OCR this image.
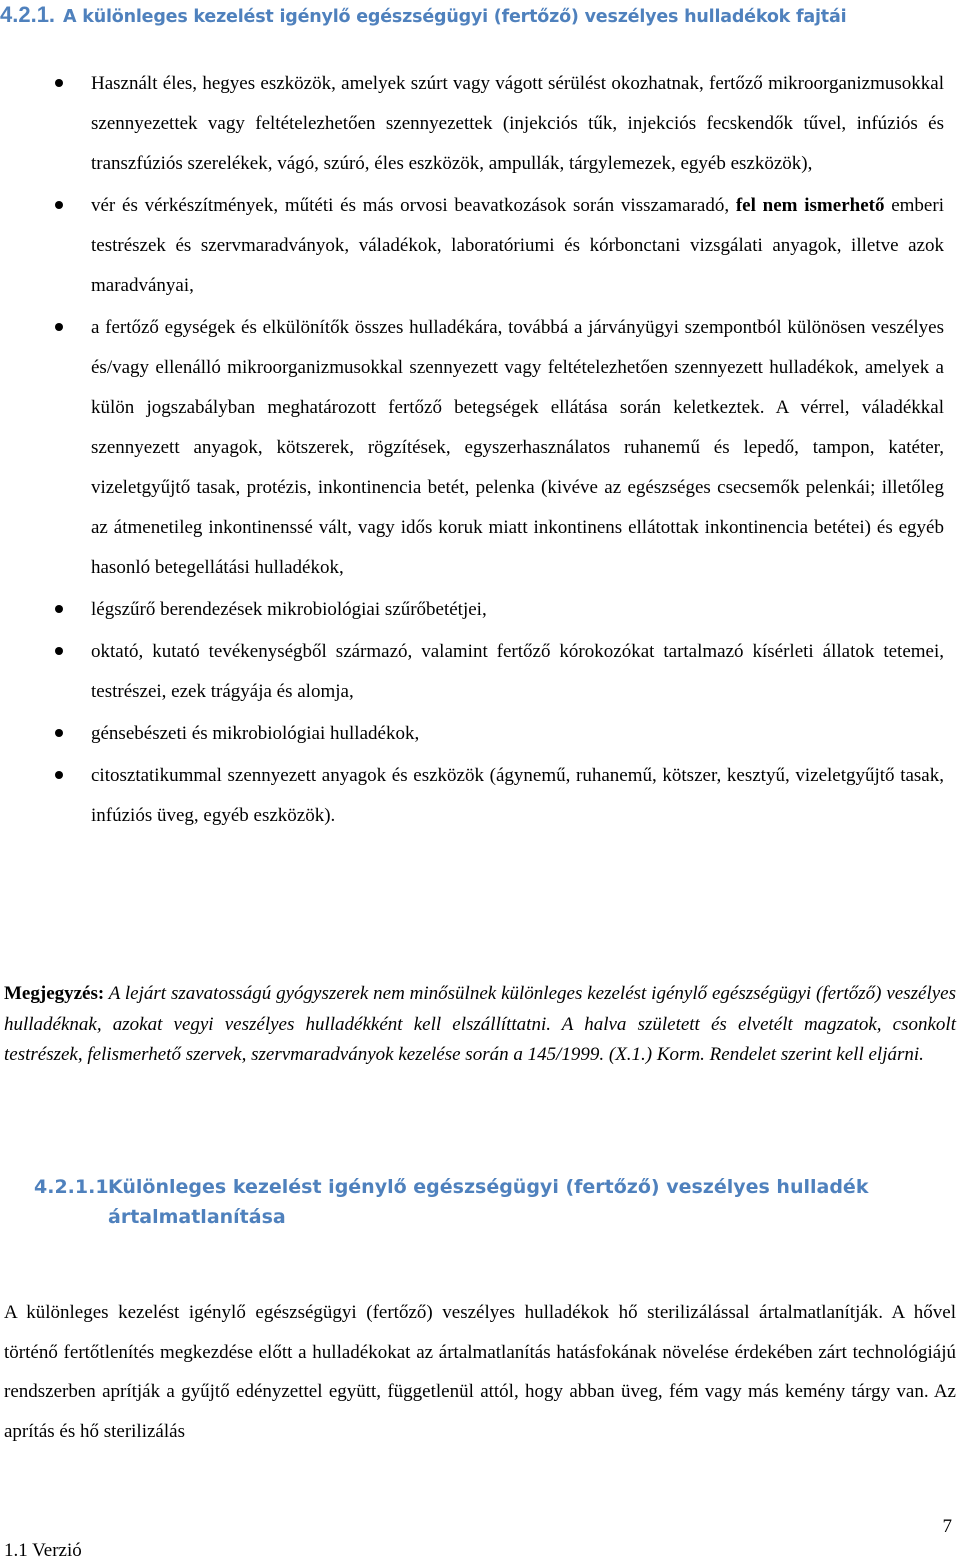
4.2.1. A különleges kezelést igénylő egészségügyi (fertőző) veszélyes hulladékok fajtái
Használt éles, hegyes eszközök, amelyek szúrt vagy vágott sérülést okozhatnak, fertőző mikroorganizmusokkal szennyezettek vagy feltételezhetően szennyezettek (injekciós tűk, injekciós fecskendők tűvel, infúziós és transzfúziós szerelékek, vágó, szúró, éles eszközök, ampullák, tárgylemezek, egyéb eszközök),
vér és vérkészítmények, műtéti és más orvosi beavatkozások során visszamaradó, fel nem ismerhető emberi testrészek és szervmaradványok, váladékok, laboratóriumi és kórbonctani vizsgálati anyagok, illetve azok maradványai,
a fertőző egységek és elkülönítők összes hulladékára, továbbá a járványügyi szempontból különösen veszélyes és/vagy ellenálló mikroorganizmusokkal szennyezett vagy feltételezhetően szennyezett hulladékok, amelyek a külön jogszabályban meghatározott fertőző betegségek ellátása során keletkeztek. A vérrel, váladékkal szennyezett anyagok, kötszerek, rögzítések, egyszerhasználatos ruhanemű és lepedő, tampon, katéter, vizeletgyűjtő tasak, protézis, inkontinencia betét, pelenka (kivéve az egészséges csecsemők pelenkái; illetőleg az átmenetileg inkontinenssé vált, vagy idős koruk miatt inkontinens ellátottak inkontinencia betétei) és egyéb hasonló betegellátási hulladékok,
légszűrő berendezések mikrobiológiai szűrőbetétjei,
oktató, kutató tevékenységből származó, valamint fertőző kórokozókat tartalmazó kísérleti állatok tetemei, testrészei, ezek trágyája és alomja,
génsebészeti és mikrobiológiai hulladékok,
citosztatikummal szennyezett anyagok és eszközök (ágynemű, ruhanemű, kötszer, kesztyű, vizeletgyűjtő tasak, infúziós üveg, egyéb eszközök).
Megjegyzés: A lejárt szavatosságú gyógyszerek nem minősülnek különleges kezelést igénylő egészségügyi (fertőző) veszélyes hulladéknak, azokat vegyi veszélyes hulladékként kell elszállíttatni. A halva született és elvetélt magzatok, csonkolt testrészek, felismerhető szervek, szervmaradványok kezelése során a 145/1999. (X.1.) Korm. Rendelet szerint kell eljárni.
4.2.1.1.
Különleges kezelést igénylő egészségügyi (fertőző) veszélyes hulladék ártalmatlanítása
A különleges kezelést igénylő egészségügyi (fertőző) veszélyes hulladékok hő sterilizálással ártalmatlanítják. A hővel történő fertőtlenítés megkezdése előtt a hulladékokat az ártalmatlanítás hatásfokának növelése érdekében zárt technológiájú rendszerben aprítják a gyűjtő edényzettel együtt, függetlenül attól, hogy abban üveg, fém vagy más kemény tárgy van. Az aprítás és hő sterilizálás
1.1 Verzió
7
